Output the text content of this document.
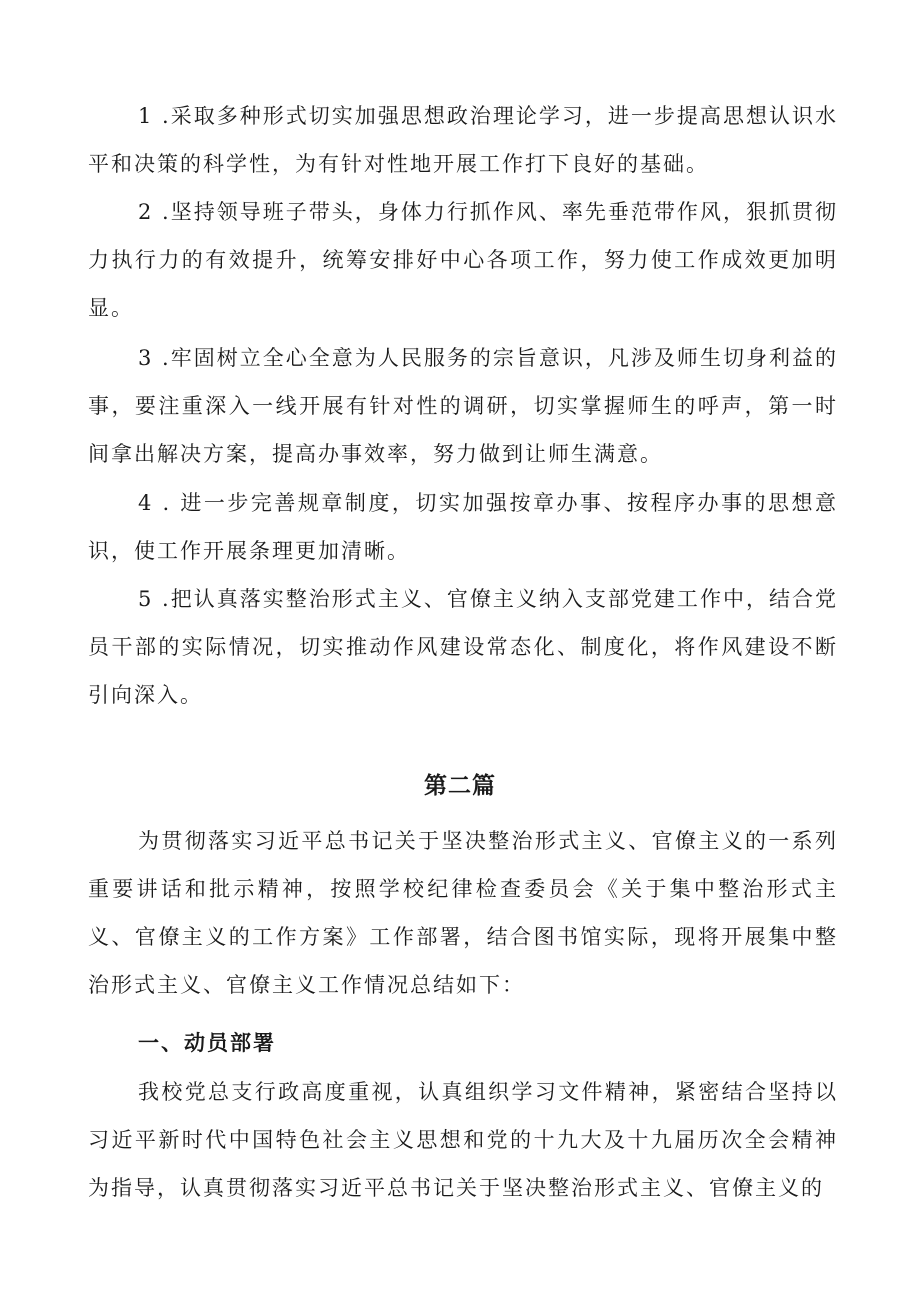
1 .采取多种形式切实加强思想政治理论学习，进一步提高思想认识水平和决策的科学性，为有针对性地开展工作打下良好的基础。

2 .坚持领导班子带头，身体力行抓作风、率先垂范带作风，狠抓贯彻力执行力的有效提升，统筹安排好中心各项工作，努力使工作成效更加明显。

3 .牢固树立全心全意为人民服务的宗旨意识，凡涉及师生切身利益的事，要注重深入一线开展有针对性的调研，切实掌握师生的呼声，第一时间拿出解决方案，提高办事效率，努力做到让师生满意。

4 . 进一步完善规章制度，切实加强按章办事、按程序办事的思想意识，使工作开展条理更加清晰。

5 .把认真落实整治形式主义、官僚主义纳入支部党建工作中，结合党员干部的实际情况，切实推动作风建设常态化、制度化，将作风建设不断引向深入。

第二篇

为贯彻落实习近平总书记关于坚决整治形式主义、官僚主义的一系列重要讲话和批示精神，按照学校纪律检查委员会《关于集中整治形式主义、官僚主义的工作方案》工作部署，结合图书馆实际，现将开展集中整治形式主义、官僚主义工作情况总结如下：

一、动员部署

我校党总支行政高度重视，认真组织学习文件精神，紧密结合坚持以习近平新时代中国特色社会主义思想和党的十九大及十九届历次全会精神为指导，认真贯彻落实习近平总书记关于坚决整治形式主义、官僚主义的
